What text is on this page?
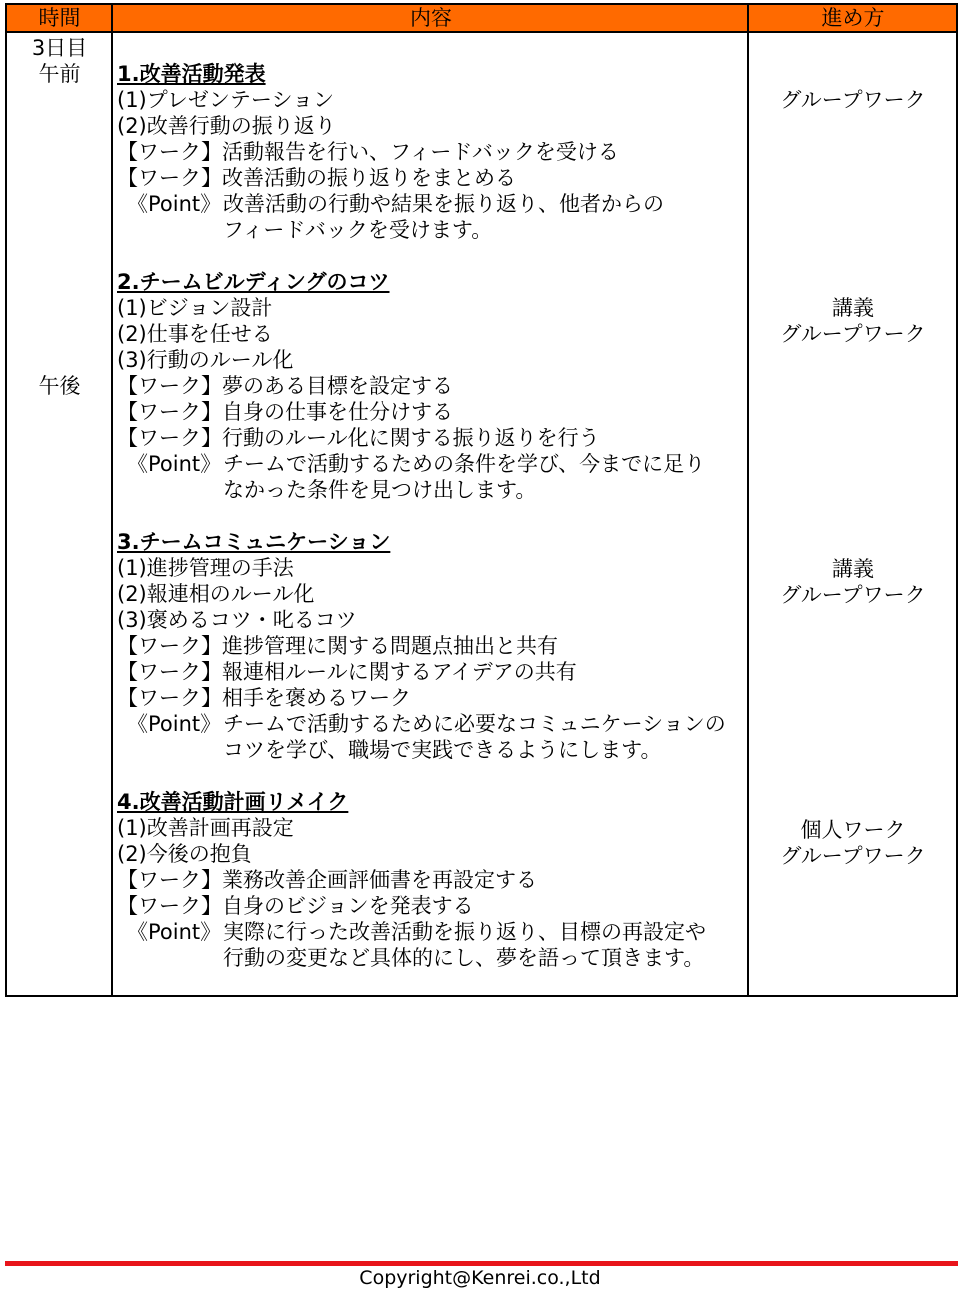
時間	内容	進め方
3日目
午前
午後
1.改善活動発表
(1)プレゼンテーション
(2)改善行動の振り返り
【ワーク】活動報告を行い、フィードバックを受ける
【ワーク】改善活動の振り返りをまとめる
《Point》 改善活動の行動や結果を振り返り、他者からの
フィードバックを受けます。
2.チームビルディングのコツ
(1)ビジョン設計
(2)仕事を任せる
(3)行動のルール化
【ワーク】夢のある目標を設定する
【ワーク】自身の仕事を仕分けする
【ワーク】行動のルール化に関する振り返りを行う
《Point》 チームで活動するための条件を学び、今までに足り
なかった条件を見つけ出します。
3.チームコミュニケーション
(1)進捗管理の手法
(2)報連相のルール化
(3)褒めるコツ・叱るコツ
【ワーク】進捗管理に関する問題点抽出と共有
【ワーク】報連相ルールに関するアイデアの共有
【ワーク】相手を褒めるワーク
《Point》 チームで活動するために必要なコミュニケーションの
コツを学び、職場で実践できるようにします。
4.改善活動計画リメイク
(1)改善計画再設定
(2)今後の抱負
【ワーク】業務改善企画評価書を再設定する
【ワーク】自身のビジョンを発表する
《Point》 実際に行った改善活動を振り返り、目標の再設定や
行動の変更など具体的にし、夢を語って頂きます。
グループワーク
講義
グループワーク
講義
グループワーク
個人ワーク
グループワーク
Copyright@Kenrei.co.,Ltd
